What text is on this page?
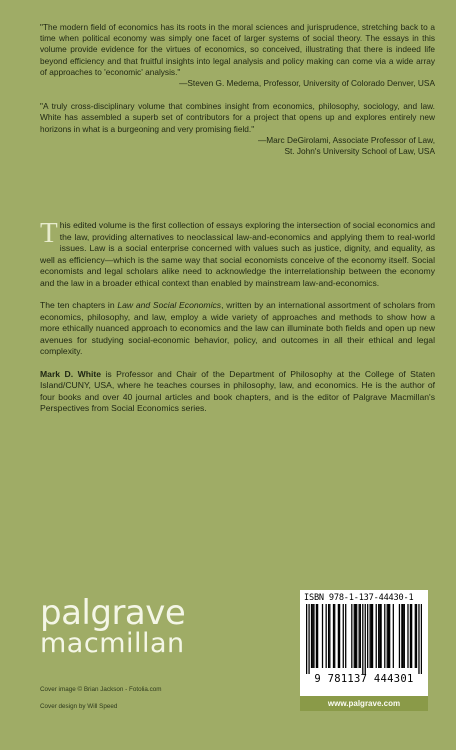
"The modern field of economics has its roots in the moral sciences and jurisprudence, stretching back to a time when political economy was simply one facet of larger systems of social theory. The essays in this volume provide evidence for the virtues of economics, so conceived, illustrating that there is indeed life beyond efficiency and that fruitful insights into legal analysis and policy making can come via a wide array of approaches to 'economic' analysis."

—Steven G. Medema, Professor, University of Colorado Denver, USA

"A truly cross-disciplinary volume that combines insight from economics, philosophy, sociology, and law. White has assembled a superb set of contributors for a project that opens up and explores entirely new horizons in what is a burgeoning and very promising field."

—Marc DeGirolami, Associate Professor of Law,

St. John's University School of Law, USA

This edited volume is the first collection of essays exploring the intersection of social economics and the law, providing alternatives to neoclassical law-and-economics and applying them to real-world issues. Law is a social enterprise concerned with values such as justice, dignity, and equality, as well as efficiency—which is the same way that social economists conceive of the economy itself. Social economists and legal scholars alike need to acknowledge the interrelationship between the economy and the law in a broader ethical context than enabled by mainstream law-and-economics.

The ten chapters in Law and Social Economics, written by an international assortment of scholars from economics, philosophy, and law, employ a wide variety of approaches and methods to show how a more ethically nuanced approach to economics and the law can illuminate both fields and open up new avenues for studying social-economic behavior, policy, and outcomes in all their ethical and legal complexity.

Mark D. White is Professor and Chair of the Department of Philosophy at the College of Staten Island/CUNY, USA, where he teaches courses in philosophy, law, and economics. He is the author of four books and over 40 journal articles and book chapters, and is the editor of Palgrave Macmillan's Perspectives from Social Economics series.

palgrave
macmillan
Cover image © Brian Jackson - Fotolia.com
Cover design by Will Speed
ISBN 978-1-137-44430-1
9 781137 444301
www.palgrave.com
